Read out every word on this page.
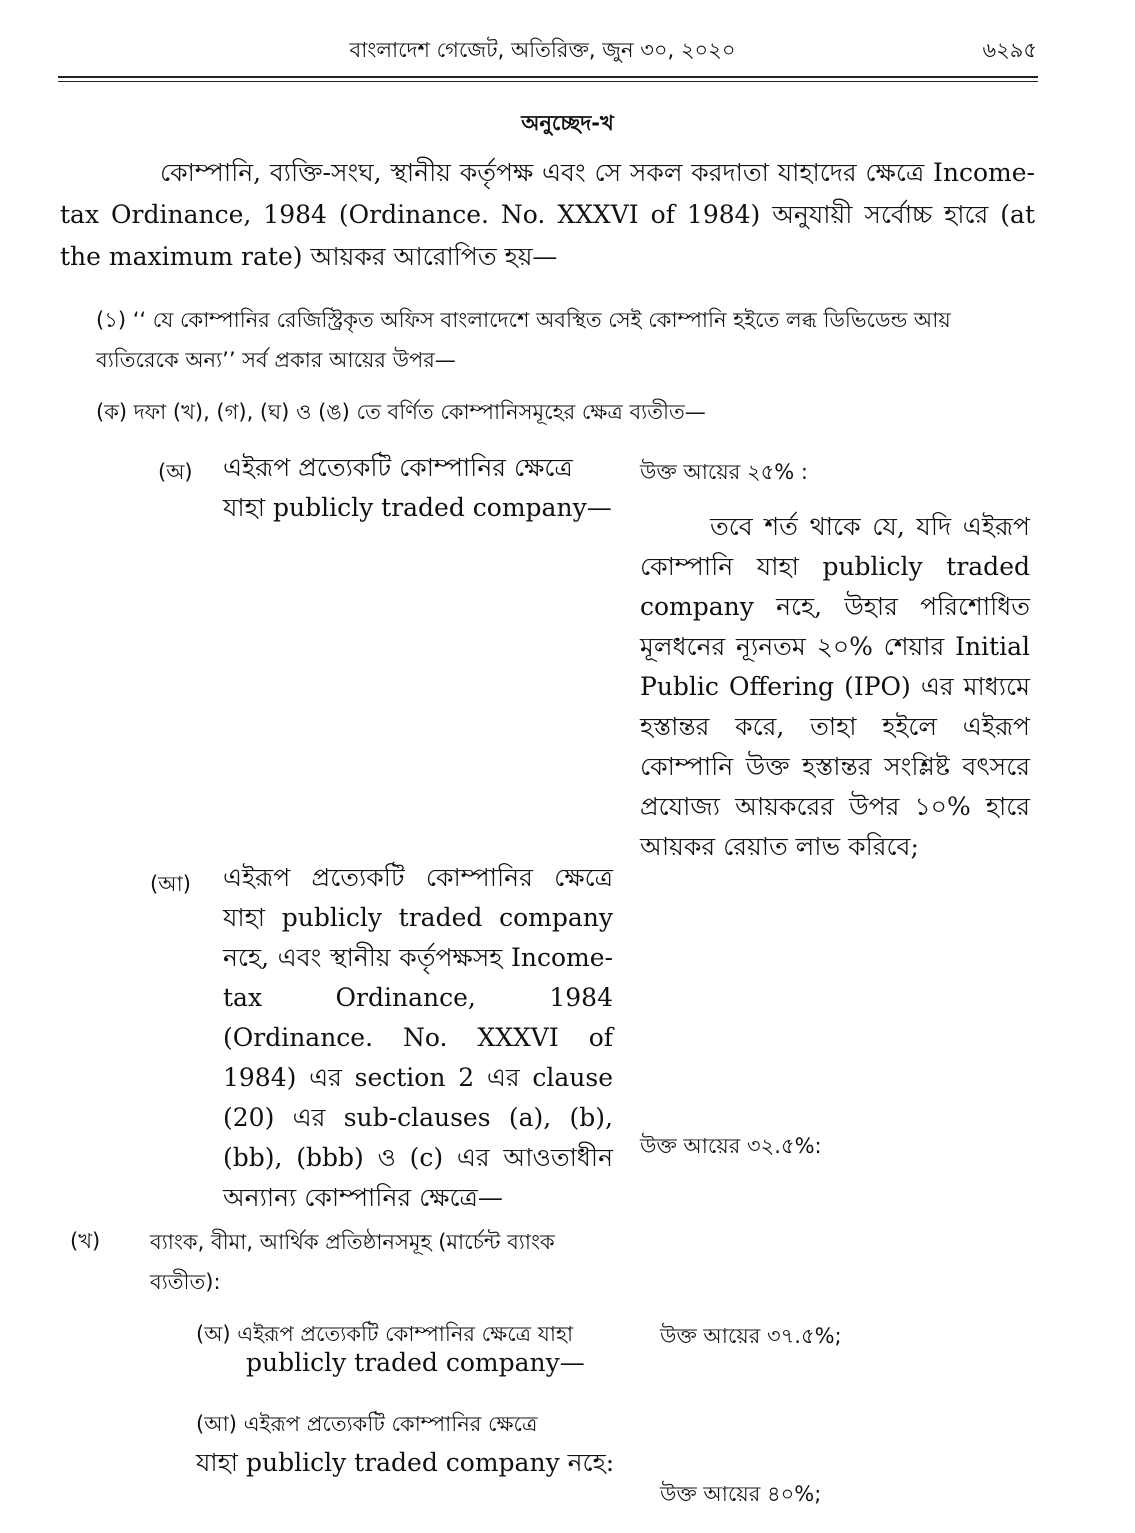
বাংলাদেশ গেজেট, অতিরিক্ত, জুন ৩০, ২০২০	৬২৯৫
অনুচ্ছেদ-খ
কোম্পানি, ব্যক্তি-সংঘ, স্থানীয় কর্তৃপক্ষ এবং সে সকল করদাতা যাহাদের ক্ষেত্রে Income-tax Ordinance, 1984 (Ordinance. No. XXXVI of 1984) অনুযায়ী সর্বোচ্চ হারে (at the maximum rate) আয়কর আরোপিত হয়—
(১) ‘‘ যে কোম্পানির রেজিস্ট্রিকৃত অফিস বাংলাদেশে অবস্থিত সেই কোম্পানি হইতে লব্ধ ডিভিডেন্ড আয় ব্যতিরেকে অন্য’’ সর্ব প্রকার আয়ের উপর—
(ক) দফা (খ), (গ), (ঘ) ও (ঙ) তে বর্ণিত কোম্পানিসমূহের ক্ষেত্র ব্যতীত—
(অ) এইরূপ প্রত্যেকটি কোম্পানির ক্ষেত্রে যাহা publicly traded company—
উক্ত আয়ের ২৫% :
তবে শর্ত থাকে যে, যদি এইরূপ কোম্পানি যাহা publicly traded company নহে, উহার পরিশোধিত মূলধনের ন্যূনতম ২০% শেয়ার Initial Public Offering (IPO) এর মাধ্যমে হস্তান্তর করে, তাহা হইলে এইরূপ কোম্পানি উক্ত হস্তান্তর সংশ্লিষ্ট বৎসরে প্রযোজ্য আয়করের উপর ১০% হারে আয়কর রেয়াত লাভ করিবে;
(আ) এইরূপ প্রত্যেকটি কোম্পানির ক্ষেত্রে যাহা publicly traded company নহে, এবং স্থানীয় কর্তৃপক্ষসহ Income-tax Ordinance, 1984 (Ordinance. No. XXXVI of 1984) এর section 2 এর clause (20) এর sub-clauses (a), (b), (bb), (bbb) ও (c) এর আওতাধীন অন্যান্য কোম্পানির ক্ষেত্রে—
উক্ত আয়ের ৩২.৫%:
(খ) ব্যাংক, বীমা, আর্থিক প্রতিষ্ঠানসমূহ (মার্চেন্ট ব্যাংক ব্যতীত):
(অ) এইরূপ প্রত্যেকটি কোম্পানির ক্ষেত্রে যাহা
publicly traded company—
উক্ত আয়ের ৩৭.৫%;
(আ) এইরূপ প্রত্যেকটি কোম্পানির ক্ষেত্রে
যাহা publicly traded company নহে:
উক্ত আয়ের ৪০%;
